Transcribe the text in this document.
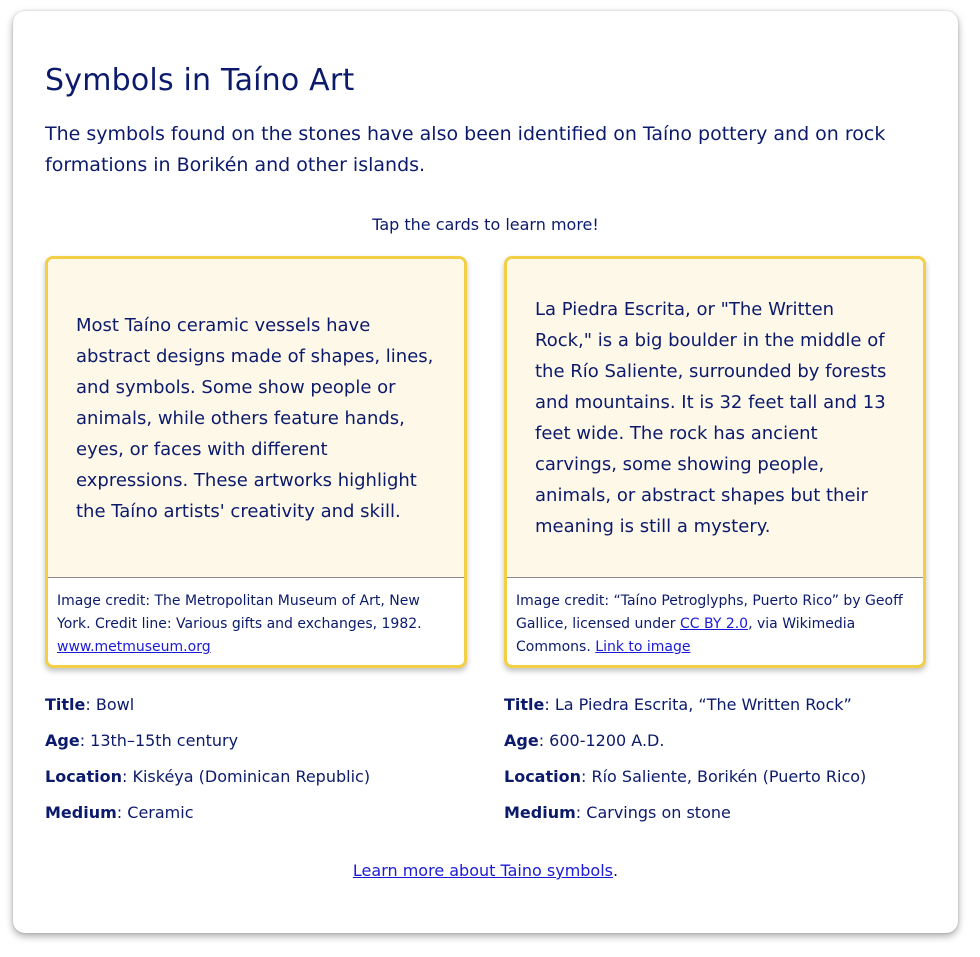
Symbols in Taíno Art

The symbols found on the stones have also been identified on Taíno pottery and on rock formations in Borikén and other islands.

Tap the cards to learn more!

Most Taíno ceramic vessels have abstract designs made of shapes, lines, and symbols. Some show people or animals, while others feature hands, eyes, or faces with different expressions. These artworks highlight the Taíno artists' creativity and skill.

Image credit: The Metropolitan Museum of Art, New York. Credit line: Various gifts and exchanges, 1982. www.metmuseum.org

La Piedra Escrita, or "The Written Rock," is a big boulder in the middle of the Río Saliente, surrounded by forests and mountains. It is 32 feet tall and 13 feet wide. The rock has ancient carvings, some showing people, animals, or abstract shapes but their meaning is still a mystery.

Image credit: “Taíno Petroglyphs, Puerto Rico” by Geoff Gallice, licensed under CC BY 2.0, via Wikimedia Commons. Link to image
Title: Bowl
Age: 13th–15th century
Location: Kiskéya (Dominican Republic)
Medium: Ceramic
Title: La Piedra Escrita, “The Written Rock”
Age: 600-1200 A.D.
Location: Río Saliente, Borikén (Puerto Rico)
Medium: Carvings on stone
Learn more about Taino symbols.
